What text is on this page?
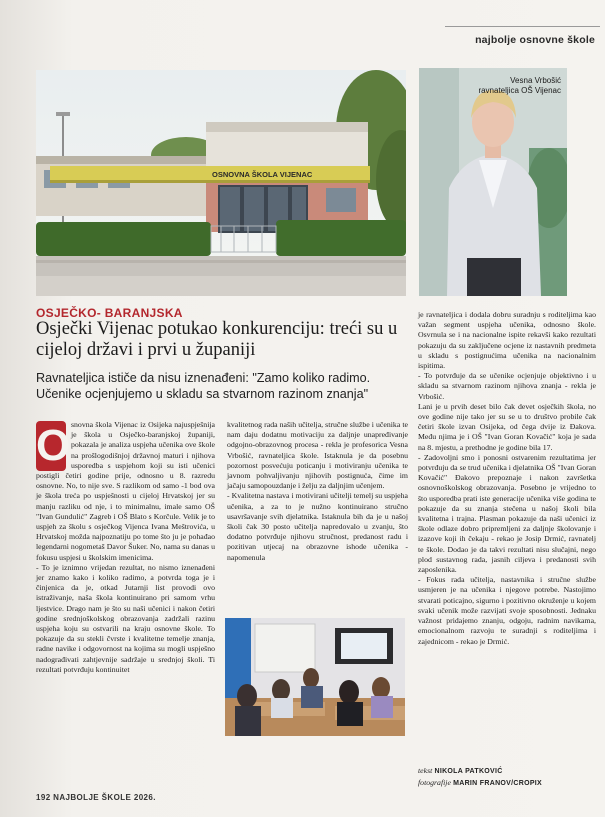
najbolje osnovne škole
OSNOVNA ŠKOLA VIJENAC
Vesna Vrbošić
ravnateljica OŠ Vijenac
OSJEČKO- BARANJSKA
Osječki Vijenac potukao konkurenciju: treći su u cijeloj državi i prvi u županiji

Ravnateljica ističe da nisu iznenađeni: "Zamo koliko radimo. Učenike ocjenjujemo u skladu sa stvarnom razinom znanja"

O snovna škola Vijenac iz Osijeka najuspješnija je škola u Osječko-baranjskoj županiji, pokazala je analiza uspjeha učenika ove škole na prošlogodišnjoj državnoj maturi i njihova usporedba s uspjehom koji su isti učenici postigli četiri godine prije, odnosno u 8. razredu osnovne. No, to nije sve. S razlikom od samo -1 bod ova je škola treća po uspješnosti u cijeloj Hrvatskoj jer su manju razliku od nje, i to minimalnu, imale samo OŠ "Ivan Gundulić" Zagreb i OŠ Blato s Korčule. Velik je to uspjeh za školu s osječkog Vijenca Ivana Meštrovića, u Hrvatskoj možda najpoznatiju po tome što ju je pohađao legendarni nogometaš Davor Šuker. No, nama su danas u fokusu uspjesi u školskim imenicima.

- To je iznimno vrijedan rezultat, no nismo iznenađeni jer znamo kako i koliko radimo, a potvrda toga je i činjenica da je, otkad Jutarnji list provodi ovo istraživanje, naša škola kontinuirano pri samom vrhu ljestvice. Drago nam je što su naši učenici i nakon četiri godine srednjoškolskog obrazovanja zadržali razinu uspjeha koju su ostvarili na kraju osnovne škole. To pokazuje da su stekli čvrste i kvalitetne temelje znanja, radne navike i odgovornost na kojima su mogli uspješno nadograđivati zahtjevnije sadržaje u srednjoj školi. Ti rezultati potvrđuju kontinuitet

kvalitetnog rada naših učitelja, stručne službe i učenika te nam daju dodatnu motivaciju za daljnje unapređivanje odgojno-obrazovnog procesa - rekla je profesorica Vesna Vrbošić, ravnateljica škole. Istaknula je da posebnu pozornost posvećuju poticanju i motiviranju učenika te javnom pohvaljivanju njihovih postignuća, čime im jačaju samopouzdanje i želju za daljnjim učenjem.

- Kvalitetna nastava i motivirani učitelji temelj su uspjeha učenika, a za to je nužno kontinuirano stručno usavršavanje svih djelatnika. Istaknula bih da je u našoj školi čak 30 posto učitelja napredovalo u zvanju, što dodatno potvrđuje njihovu stručnost, predanost radu i pozitivan utjecaj na obrazovne ishode učenika - napomenula

je ravnateljica i dodala dobru suradnju s roditeljima kao važan segment uspjeha učenika, odnosno škole. Osvrnula se i na nacionalne ispite rekavši kako rezultati pokazuju da su zaključene ocjene iz nastavnih predmeta u skladu s postignućima učenika na nacionalnim ispitima.

- To potvrđuje da se učenike ocjenjuje objektivno i u skladu sa stvarnom razinom njihova znanja - rekla je Vrbošić.

Lani je u prvih deset bilo čak devet osječkih škola, no ove godine nije tako jer su se u to društvo probile čak četiri škole izvan Osijeka, od čega dvije iz Đakova. Među njima je i OŠ "Ivan Goran Kovačić" koja je sada na 8. mjestu, a prethodne je godine bila 17.

- Zadovoljni smo i ponosni ostvarenim rezultatima jer potvrđuju da se trud učenika i djelatnika OŠ "Ivan Goran Kovačić" Đakovo prepoznaje i nakon završetka osnovnoškolskog obrazovanja. Posebno je vrijedno to što usporedba prati iste generacije učenika više godina te pokazuje da su znanja stečena u našoj školi bila kvalitetna i trajna. Plasman pokazuje da naši učenici iz škole odlaze dobro pripremljeni za daljnje školovanje i izazove koji ih čekaju - rekao je Josip Drmić, ravnatelj te škole. Dodao je da takvi rezultati nisu slučajni, nego plod sustavnog rada, jasnih ciljeva i predanosti svih zaposlenika.

- Fokus rada učitelja, nastavnika i stručne službe usmjeren je na učenika i njegove potrebe. Nastojimo stvarati poticajno, sigurno i pozitivno okruženje u kojem svaki učenik može razvijati svoje sposobnosti. Jednaku važnost pridajemo znanju, odgoju, radnim navikama, emocionalnom razvoju te suradnji s roditeljima i zajednicom - rekao je Drmić.

tekst NIKOLA PATKOVIĆ
fotografije MARIN FRANOV/CROPIX
192 NAJBOLJE ŠKOLE 2026.
